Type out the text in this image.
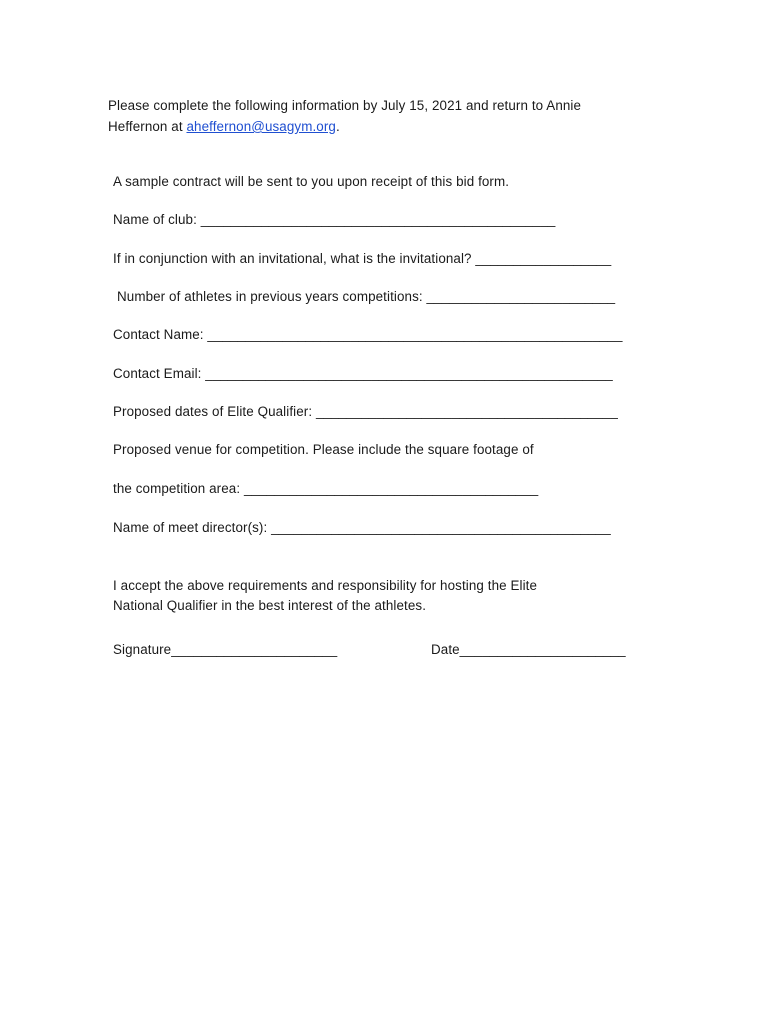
Please complete the following information by July 15, 2021 and return to Annie
Heffernon at aheffernon@usagym.org.
A sample contract will be sent to you upon receipt of this bid form.
Name of club: _______________________________________________
If in conjunction with an invitational, what is the invitational? __________________
Number of athletes in previous years competitions: _________________________
Contact Name: _______________________________________________________
Contact Email: ______________________________________________________
Proposed dates of Elite Qualifier: ________________________________________
Proposed venue for competition. Please include the square footage of
the competition area: _______________________________________
Name of meet director(s): _____________________________________________
I accept the above requirements and responsibility for hosting the Elite
National Qualifier in the best interest of the athletes.
Signature______________________	Date______________________
